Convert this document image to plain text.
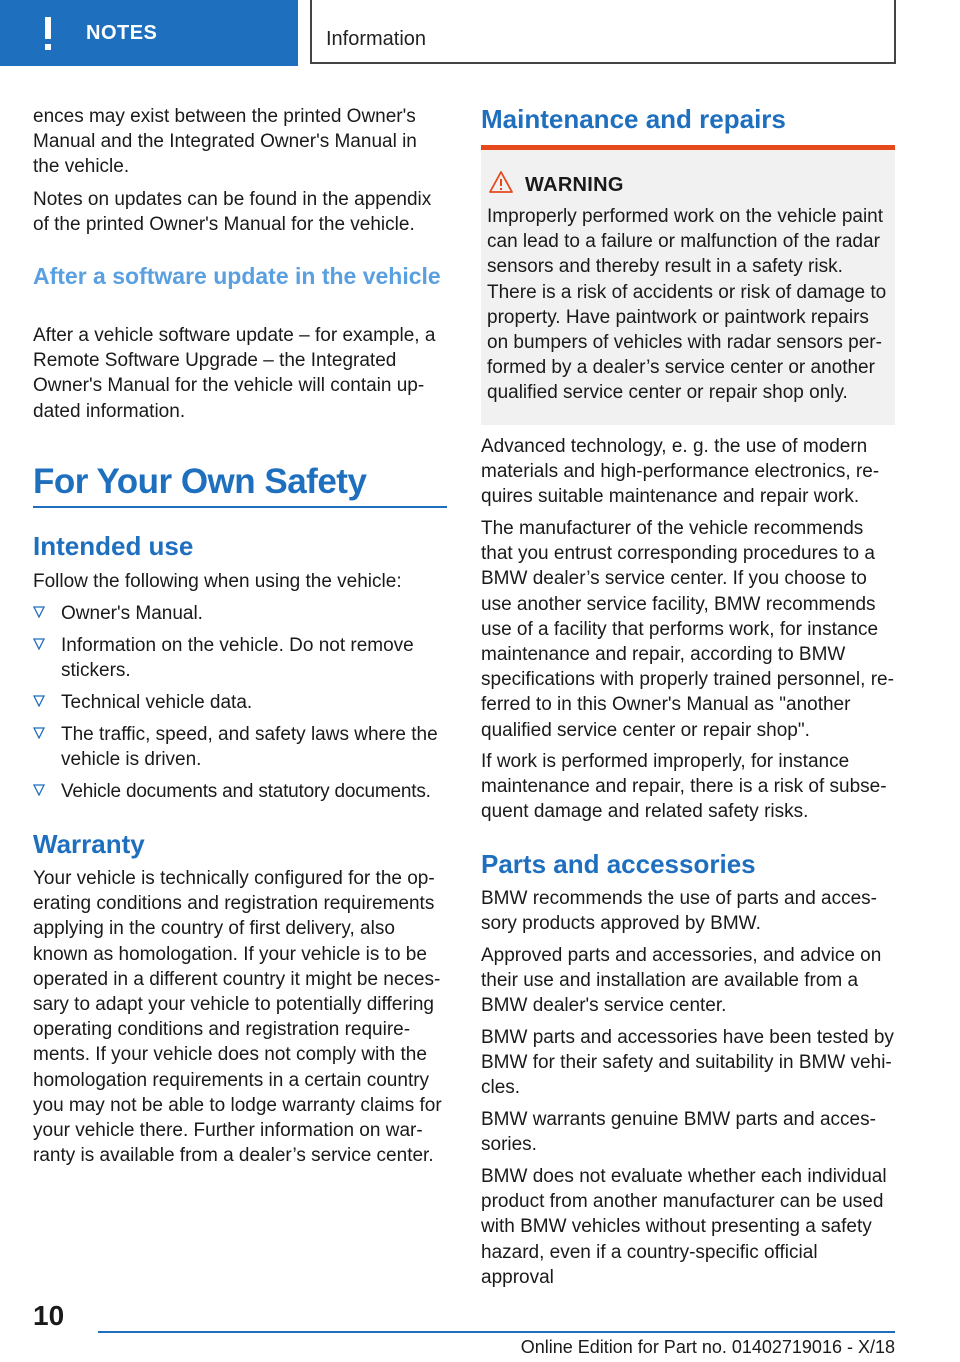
NOTES	Information

ences may exist between the printed Owner's Manual and the Integrated Owner's Manual in the vehicle.

Notes on updates can be found in the appendix of the printed Owner's Manual for the vehicle.

After a software update in the vehicle

After a vehicle software update – for example, a Remote Software Upgrade – the Integrated Owner's Manual for the vehicle will contain up-dated information.

For Your Own Safety
Intended use

Follow the following when using the vehicle:

Owner's Manual.

Information on the vehicle. Do not remove stickers.

Technical vehicle data.

The traffic, speed, and safety laws where the vehicle is driven.

Vehicle documents and statutory documents.

Warranty

Your vehicle is technically configured for the op-erating conditions and registration requirements applying in the country of first delivery, also known as homologation. If your vehicle is to be operated in a different country it might be neces-sary to adapt your vehicle to potentially differing operating conditions and registration require-ments. If your vehicle does not comply with the homologation requirements in a certain country you may not be able to lodge warranty claims for your vehicle there. Further information on war-ranty is available from a dealer’s service center.

Maintenance and repairs
WARNING

Improperly performed work on the vehicle paint can lead to a failure or malfunction of the radar sensors and thereby result in a safety risk.

There is a risk of accidents or risk of damage to property. Have paintwork or paintwork repairs on bumpers of vehicles with radar sensors per-formed by a dealer’s service center or another qualified service center or repair shop only.

Advanced technology, e. g. the use of modern materials and high-performance electronics, re-quires suitable maintenance and repair work.

The manufacturer of the vehicle recommends that you entrust corresponding procedures to a BMW dealer’s service center. If you choose to use another service facility, BMW recommends use of a facility that performs work, for instance maintenance and repair, according to BMW specifications with properly trained personnel, re-ferred to in this Owner's Manual as "another qualified service center or repair shop".

If work is performed improperly, for instance maintenance and repair, there is a risk of subse-quent damage and related safety risks.

Parts and accessories

BMW recommends the use of parts and acces-sory products approved by BMW.

Approved parts and accessories, and advice on their use and installation are available from a BMW dealer's service center.

BMW parts and accessories have been tested by BMW for their safety and suitability in BMW vehi-cles.

BMW warrants genuine BMW parts and acces-sories.

BMW does not evaluate whether each individual product from another manufacturer can be used with BMW vehicles without presenting a safety hazard, even if a country-specific official approval

10
Online Edition for Part no. 01402719016 - X/18
